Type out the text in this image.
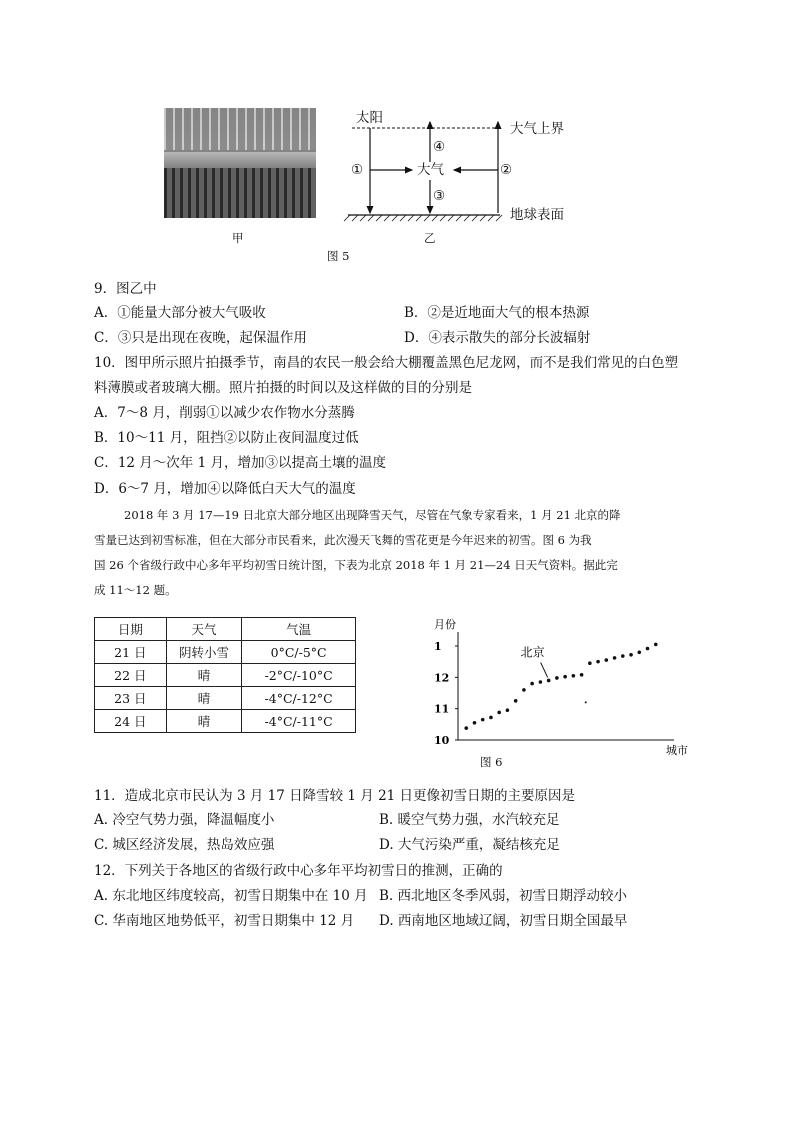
甲
太阳
大气上界
大气
地球表面
①	②
③
④
乙
图 5
9．图乙中
A．①能量大部分被大气吸收	B．②是近地面大气的根本热源
C．③只是出现在夜晚，起保温作用	D．④表示散失的部分长波辐射
10．图甲所示照片拍摄季节，南昌的农民一般会给大棚覆盖黑色尼龙网，而不是我们常见的白色塑
料薄膜或者玻璃大棚。照片拍摄的时间以及这样做的目的分别是
A．7～8 月，削弱①以减少农作物水分蒸腾
B．10～11 月，阻挡②以防止夜间温度过低
C．12 月～次年 1 月，增加③以提高土壤的温度
D．6～7 月，增加④以降低白天大气的温度
2018 年 3 月 17—19 日北京大部分地区出现降雪天气，尽管在气象专家看来，1 月 21 北京的降
雪量已达到初雪标准，但在大部分市民看来，此次漫天飞舞的雪花更是今年迟来的初雪。图 6 为我
国 26 个省级行政中心多年平均初雪日统计图，下表为北京 2018 年 1 月 21—24 日天气资料。据此完
成 11～12 题。
日期	天气	气温
21 日	阴转小雪	0°C/-5°C
22 日	晴	-2°C/-10°C
23 日	晴	-4°C/-12°C
24 日	晴	-4°C/-11°C
10
11
12
1
月份
城市
北京
图 6
11．造成北京市民认为 3 月 17 日降雪较 1 月 21 日更像初雪日期的主要原因是
A. 冷空气势力强，降温幅度小	B. 暖空气势力强，水汽较充足
C. 城区经济发展，热岛效应强	D. 大气污染严重，凝结核充足
12．下列关于各地区的省级行政中心多年平均初雪日的推测，正确的
A. 东北地区纬度较高，初雪日期集中在 10 月 B. 西北地区冬季风弱，初雪日期浮动较小
C. 华南地区地势低平，初雪日期集中 12 月 D. 西南地区地域辽阔，初雪日期全国最早
